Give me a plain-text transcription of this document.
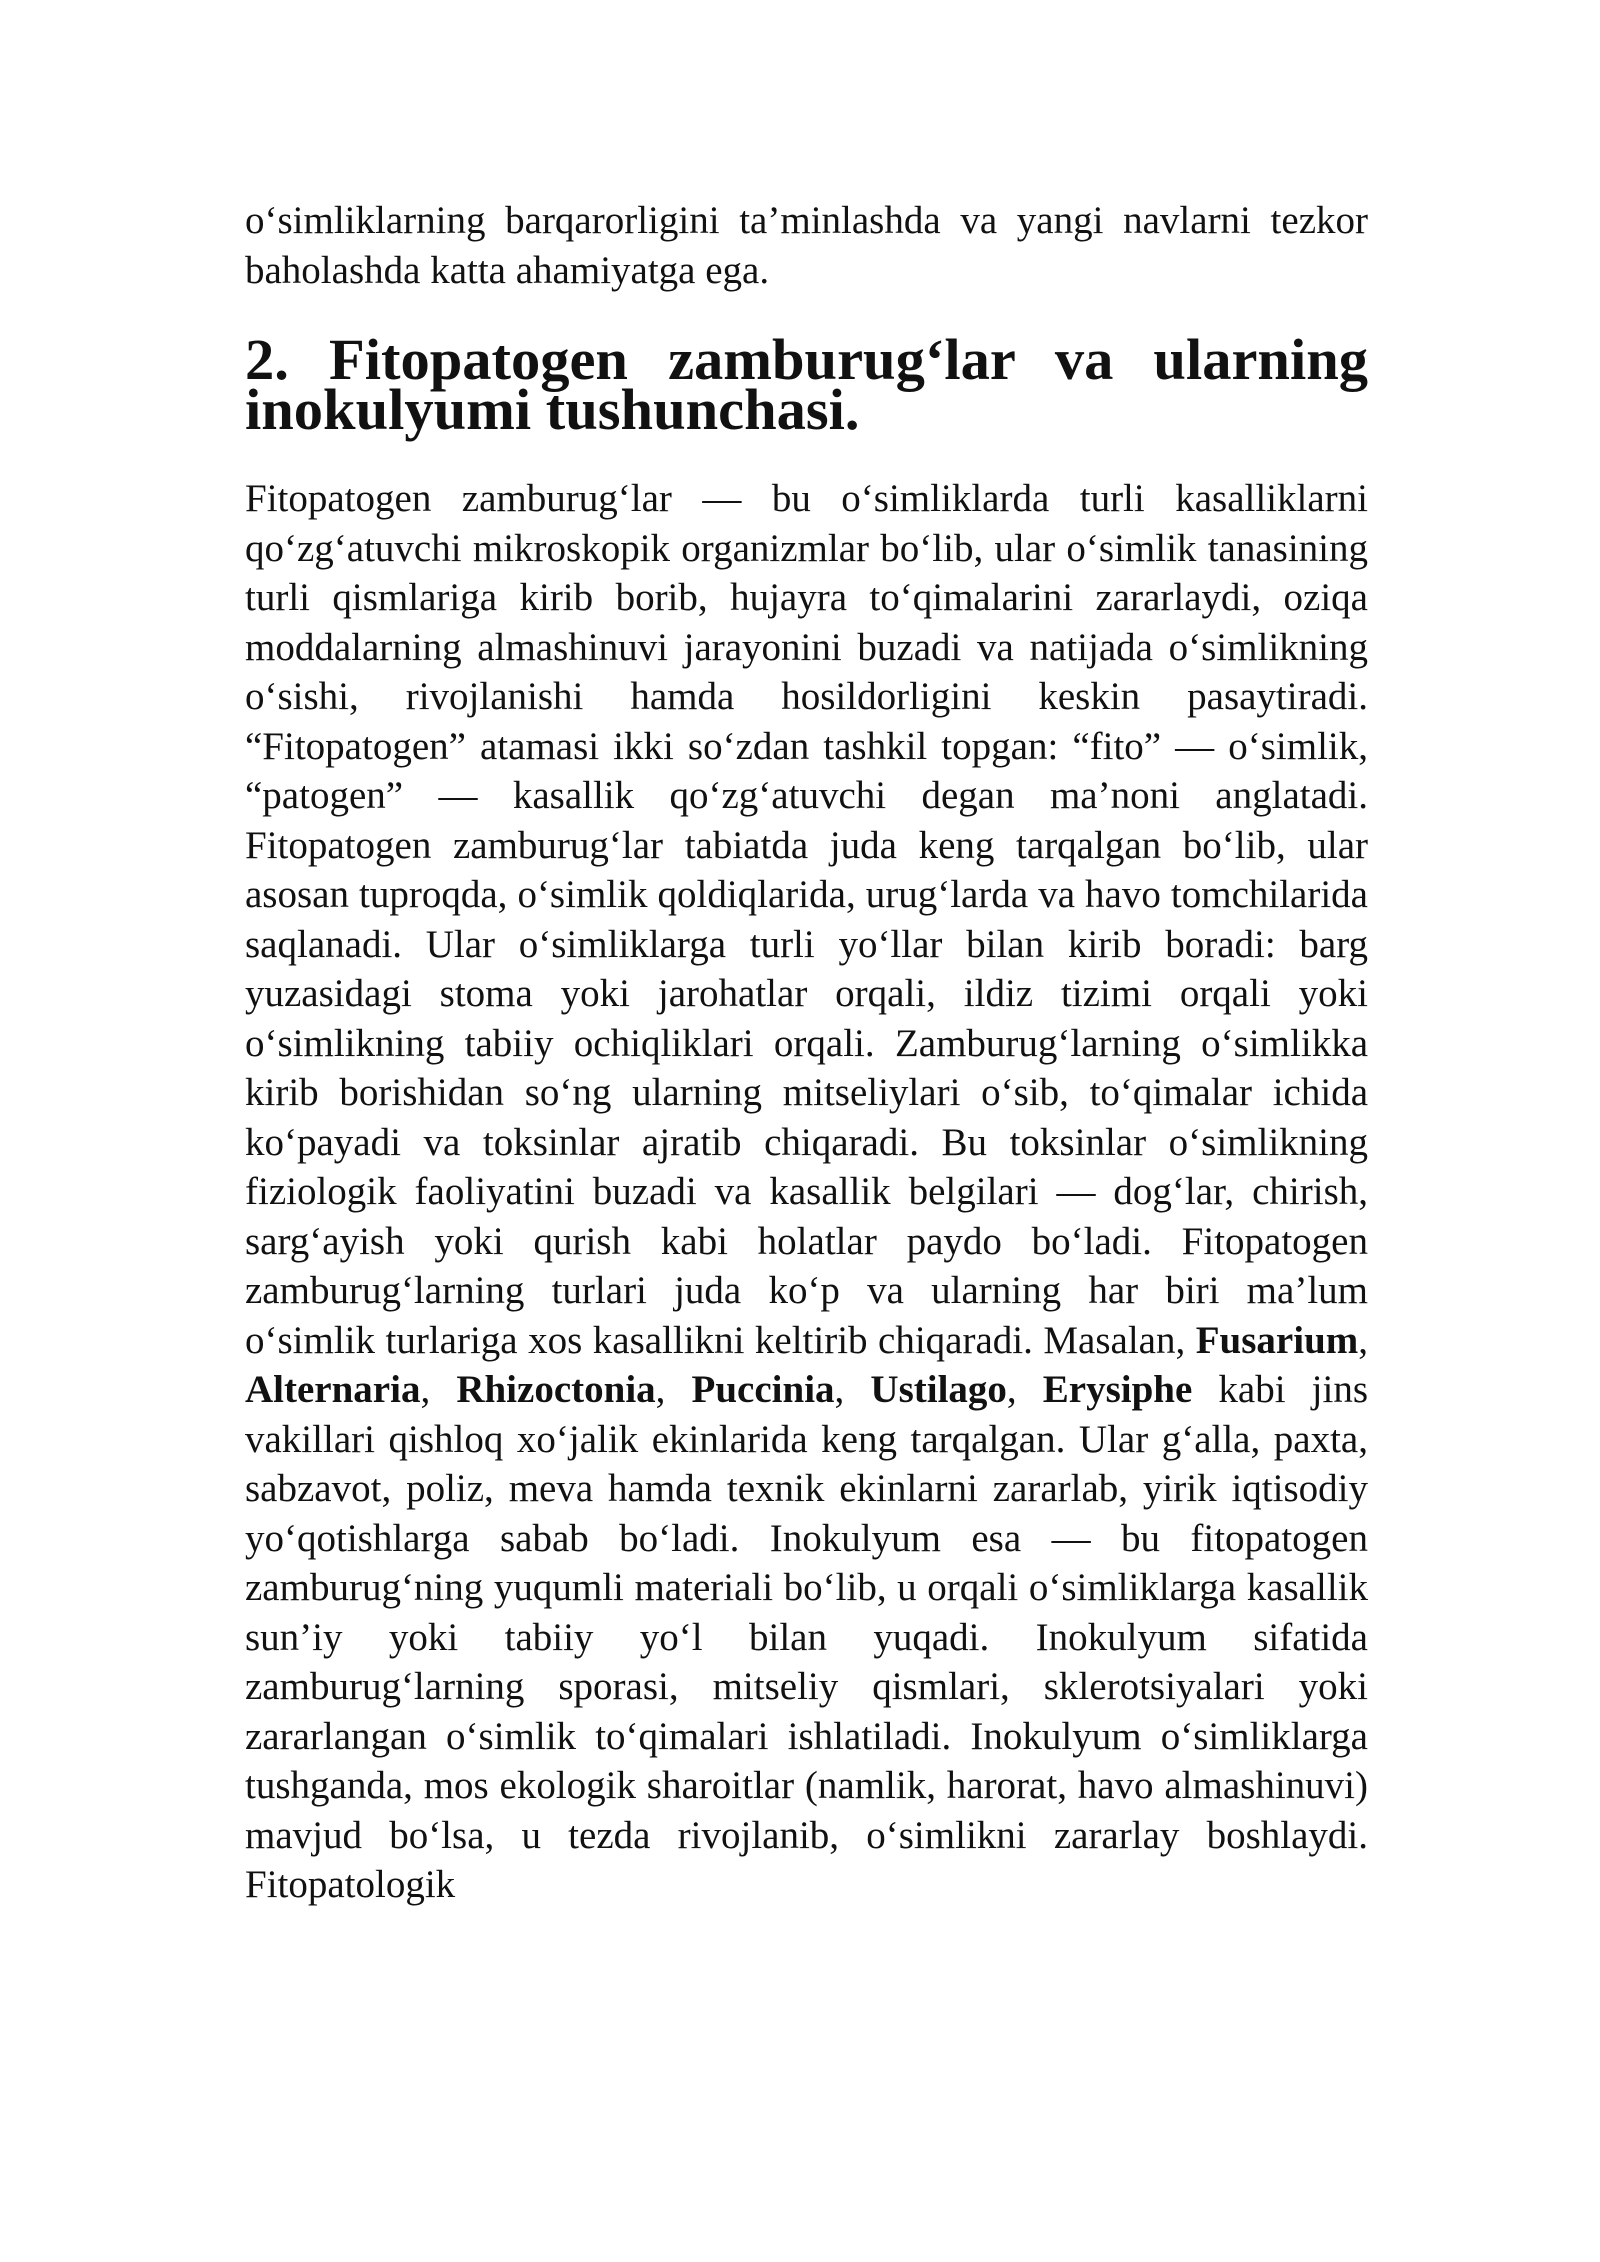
o‘simliklarning barqarorligini ta’minlashda va yangi navlarni tezkor baholashda katta ahamiyatga ega.

2. Fitopatogen zamburug‘lar va ularning inokulyumi tushunchasi.

Fitopatogen zamburug‘lar — bu o‘simliklarda turli kasalliklarni qo‘zg‘atuvchi mikroskopik organizmlar bo‘lib, ular o‘simlik tanasining turli qismlariga kirib borib, hujayra to‘qimalarini zararlaydi, oziqa moddalarning almashinuvi jarayonini buzadi va natijada o‘simlikning o‘sishi, rivojlanishi hamda hosildorligini keskin pasaytiradi. “Fitopatogen” atamasi ikki so‘zdan tashkil topgan: “fito” — o‘simlik, “patogen” — kasallik qo‘zg‘atuvchi degan ma’noni anglatadi. Fitopatogen zamburug‘lar tabiatda juda keng tarqalgan bo‘lib, ular asosan tuproqda, o‘simlik qoldiqlarida, urug‘larda va havo tomchilarida saqlanadi. Ular o‘simliklarga turli yo‘llar bilan kirib boradi: barg yuzasidagi stoma yoki jarohatlar orqali, ildiz tizimi orqali yoki o‘simlikning tabiiy ochiqliklari orqali. Zamburug‘larning o‘simlikka kirib borishidan so‘ng ularning mitseliylari o‘sib, to‘qimalar ichida ko‘payadi va toksinlar ajratib chiqaradi. Bu toksinlar o‘simlikning fiziologik faoliyatini buzadi va kasallik belgilari — dog‘lar, chirish, sarg‘ayish yoki qurish kabi holatlar paydo bo‘ladi. Fitopatogen zamburug‘larning turlari juda ko‘p va ularning har biri ma’lum o‘simlik turlariga xos kasallikni keltirib chiqaradi. Masalan, Fusarium, Alternaria, Rhizoctonia, Puccinia, Ustilago, Erysiphe kabi jins vakillari qishloq xo‘jalik ekinlarida keng tarqalgan. Ular g‘alla, paxta, sabzavot, poliz, meva hamda texnik ekinlarni zararlab, yirik iqtisodiy yo‘qotishlarga sabab bo‘ladi. Inokulyum esa — bu fitopatogen zamburug‘ning yuqumli materiali bo‘lib, u orqali o‘simliklarga kasallik sun’iy yoki tabiiy yo‘l bilan yuqadi. Inokulyum sifatida zamburug‘larning sporasi, mitseliy qismlari, sklerotsiyalari yoki zararlangan o‘simlik to‘qimalari ishlatiladi. Inokulyum o‘simliklarga tushganda, mos ekologik sharoitlar (namlik, harorat, havo almashinuvi) mavjud bo‘lsa, u tezda rivojlanib, o‘simlikni zararlay boshlaydi. Fitopatologik
